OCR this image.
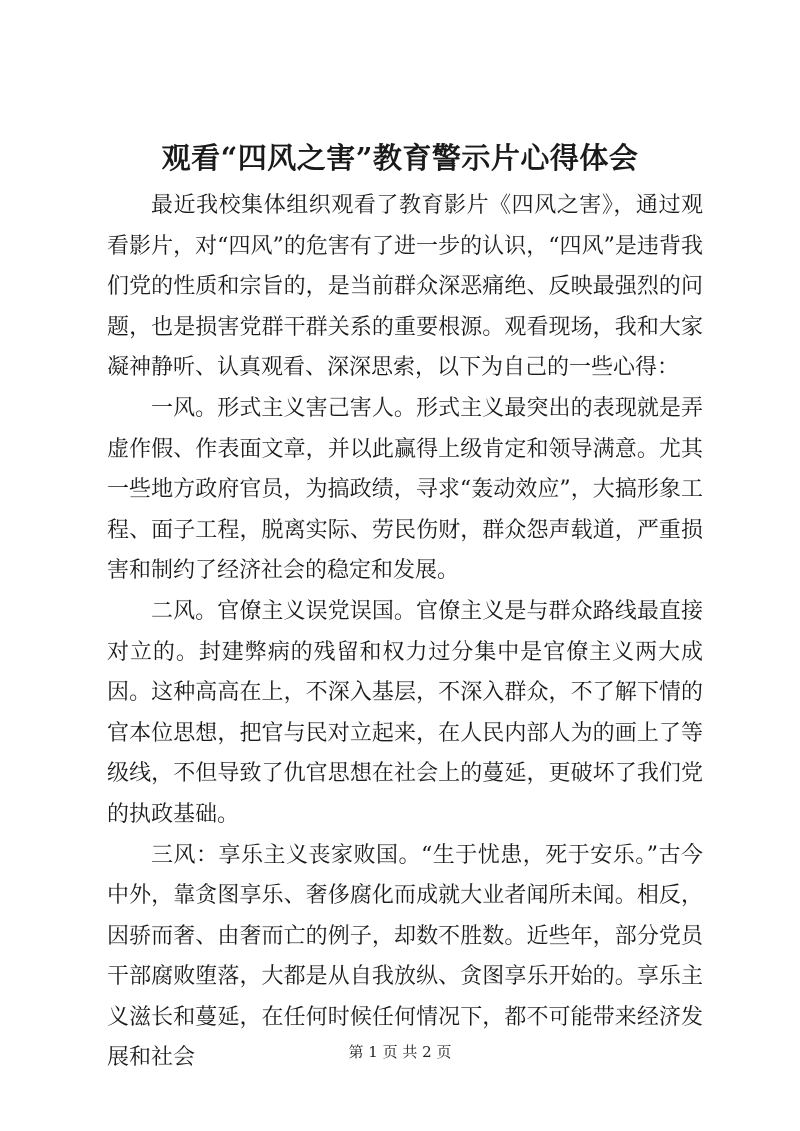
观看“四风之害”教育警示片心得体会

最近我校集体组织观看了教育影片《四风之害》，通过观看影片，对“四风”的危害有了进一步的认识，“四风”是违背我们党的性质和宗旨的，是当前群众深恶痛绝、反映最强烈的问题，也是损害党群干群关系的重要根源。观看现场，我和大家凝神静听、认真观看、深深思索，以下为自己的一些心得：

一风。形式主义害己害人。形式主义最突出的表现就是弄虚作假、作表面文章，并以此赢得上级肯定和领导满意。尤其一些地方政府官员，为搞政绩，寻求“轰动效应”，大搞形象工程、面子工程，脱离实际、劳民伤财，群众怨声载道，严重损害和制约了经济社会的稳定和发展。

二风。官僚主义误党误国。官僚主义是与群众路线最直接对立的。封建弊病的残留和权力过分集中是官僚主义两大成因。这种高高在上，不深入基层，不深入群众，不了解下情的官本位思想，把官与民对立起来，在人民内部人为的画上了等级线，不但导致了仇官思想在社会上的蔓延，更破坏了我们党的执政基础。

三风：享乐主义丧家败国。“生于忧患，死于安乐。”古今中外，靠贪图享乐、奢侈腐化而成就大业者闻所未闻。相反，因骄而奢、由奢而亡的例子，却数不胜数。近些年，部分党员干部腐败堕落，大都是从自我放纵、贪图享乐开始的。享乐主义滋长和蔓延，在任何时候任何情况下，都不可能带来经济发展和社会	第 1 页 共 2 页
